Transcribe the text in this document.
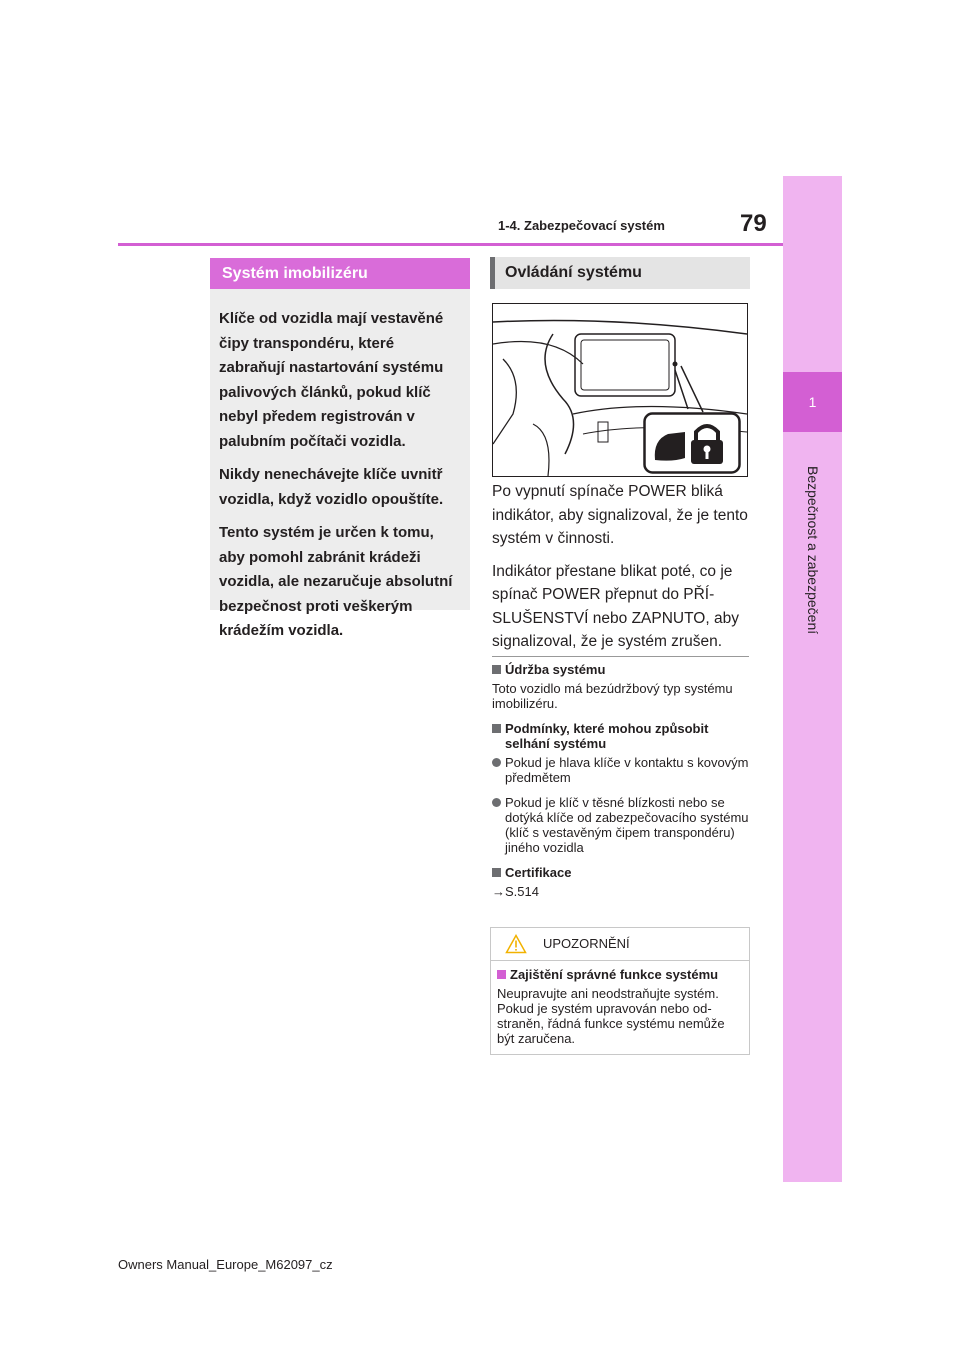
1
Bezpečnost a zabezpečení
79
1-4. Zabezpečovací systém
Systém imobilizéru

Klíče od vozidla mají vestavěné čipy transpondéru, které zabraňují nastartování systému palivových článků, pokud klíč nebyl předem registrován v palubním počítači vozidla.

Nikdy nenechávejte klíče uvnitř vozidla, když vozidlo opouštíte.

Tento systém je určen k tomu, aby pomohl zabránit krádeži vozidla, ale nezaručuje absolutní bezpečnost proti veškerým krádežím vozidla.

Ovládání systému

Po vypnutí spínače POWER bliká indikátor, aby signalizoval, že je tento systém v činnosti.

Indikátor přestane blikat poté, co je spínač POWER přepnut do PŘÍSLUŠENSTVÍ nebo ZAPNUTO, aby signalizoval, že je systém zrušen.

Údržba systému

Toto vozidlo má bezúdržbový typ systému imobilizéru.

Podmínky, které mohou způsobit selhání systému

Pokud je hlava klíče v kontaktu s kovovým předmětem

Pokud je klíč v těsné blízkosti nebo se dotýká klíče od zabezpečovacího systému (klíč s vestavěným čipem transpondéru) jiného vozidla

Certifikace

→S.514

UPOZORNĚNÍ

Zajištění správné funkce systému

Neupravujte ani neodstraňujte systém. Pokud je systém upravován nebo odstraněn, řádná funkce systému nemůže být zaručena.

Owners Manual_Europe_M62097_cz
